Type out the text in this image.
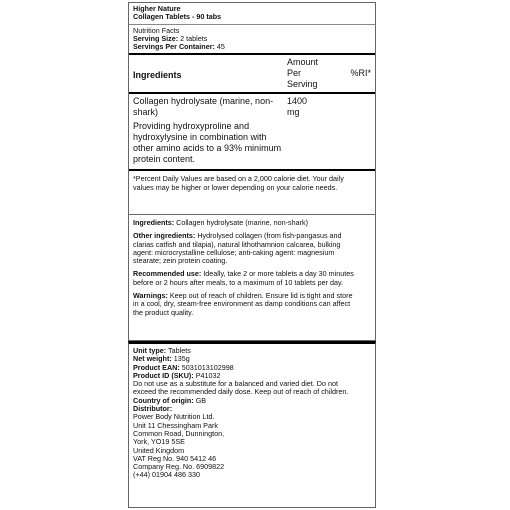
Higher Nature
Collagen Tablets - 90 tabs
Nutrition Facts
Serving Size: 2 tablets
Servings Per Container: 45
Ingredients
Amount
Per
Serving
%RI*
Collagen hydrolysate (marine, non-
shark)
1400
mg
Providing hydroxyproline and
hydroxylysine in combination with
other amino acids to a 93% minimum
protein content.
*Percent Daily Values are based on a 2,000 calorie diet. Your daily
values may be higher or lower depending on your calorie needs.

Ingredients: Collagen hydrolysate (marine, non-shark)

Other ingredients: Hydrolysed collagen (from fish-pangasus and
clarias catfish and tilapia), natural lithothamnion calcarea, bulking
agent: microcrystalline cellulose; anti-caking agent: magnesium
stearate; zein protein coating.

Recommended use: Ideally, take 2 or more tablets a day 30 minutes
before or 2 hours after meals, to a maximum of 10 tablets per day.

Warnings: Keep out of reach of children. Ensure lid is tight and store
in a cool, dry, steam-free environment as damp conditions can affect
the product quality.

Unit type: Tablets
Net weight: 135g
Product EAN: 5031013102998
Product ID (SKU): P41032
Do not use as a substitute for a balanced and varied diet. Do not
exceed the recommended daily dose. Keep out of reach of children.
Country of origin: GB
Distributor:
Power Body Nutrition Ltd.
Unit 11 Chessingham Park
Common Road, Dunnington,
York, YO19 5SE
United Kingdom
VAT Reg No. 940 5412 46
Company Reg. No. 6909822
(+44) 01904 486 330
